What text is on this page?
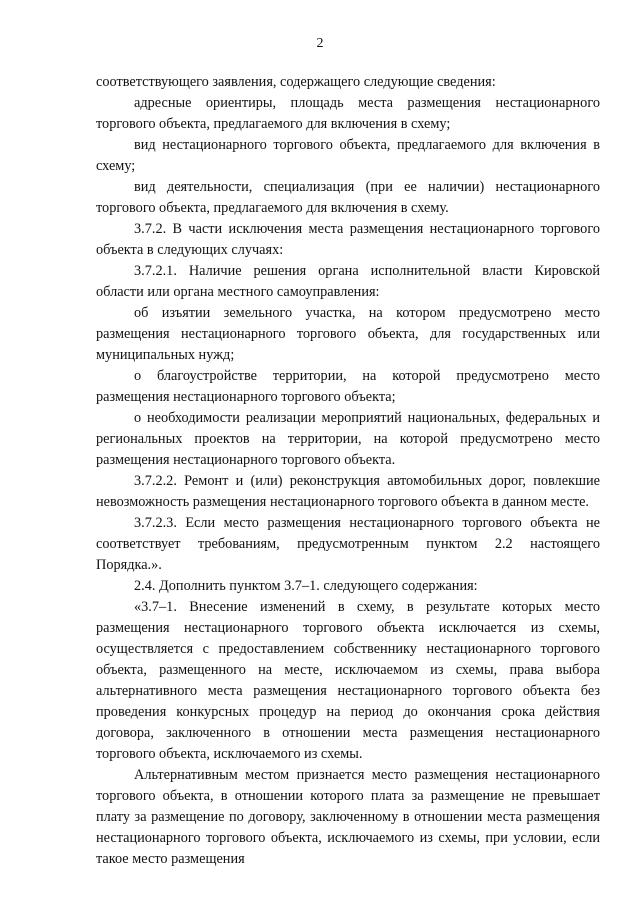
2

соответствующего заявления, содержащего следующие сведения:

адресные ориентиры, площадь места размещения нестационарного торгового объекта, предлагаемого для включения в схему;

вид нестационарного торгового объекта, предлагаемого для включения в схему;

вид деятельности, специализация (при ее наличии) нестационарного торгового объекта, предлагаемого для включения в схему.

3.7.2. В части исключения места размещения нестационарного торгового объекта в следующих случаях:

3.7.2.1. Наличие решения органа исполнительной власти Кировской области или органа местного самоуправления:

об изъятии земельного участка, на котором предусмотрено место размещения нестационарного торгового объекта, для государственных или муниципальных нужд;

о благоустройстве территории, на которой предусмотрено место размещения нестационарного торгового объекта;

о необходимости реализации мероприятий национальных, федеральных и региональных проектов на территории, на которой предусмотрено место размещения нестационарного торгового объекта.

3.7.2.2. Ремонт и (или) реконструкция автомобильных дорог, повлекшие невозможность размещения нестационарного торгового объекта в данном месте.

3.7.2.3. Если место размещения нестационарного торгового объекта не соответствует требованиям, предусмотренным пунктом 2.2 настоящего Порядка.».

2.4. Дополнить пунктом 3.7–1. следующего содержания:

«3.7–1. Внесение изменений в схему, в результате которых место размещения нестационарного торгового объекта исключается из схемы, осуществляется с предоставлением собственнику нестационарного торгового объекта, размещенного на месте, исключаемом из схемы, права выбора альтернативного места размещения нестационарного торгового объекта без проведения конкурсных процедур на период до окончания срока действия договора, заключенного в отношении места размещения нестационарного торгового объекта, исключаемого из схемы.

Альтернативным местом признается место размещения нестационарного торгового объекта, в отношении которого плата за размещение не превышает плату за размещение по договору, заключенному в отношении места размещения нестационарного торгового объекта, исключаемого из схемы, при условии, если такое место размещения
